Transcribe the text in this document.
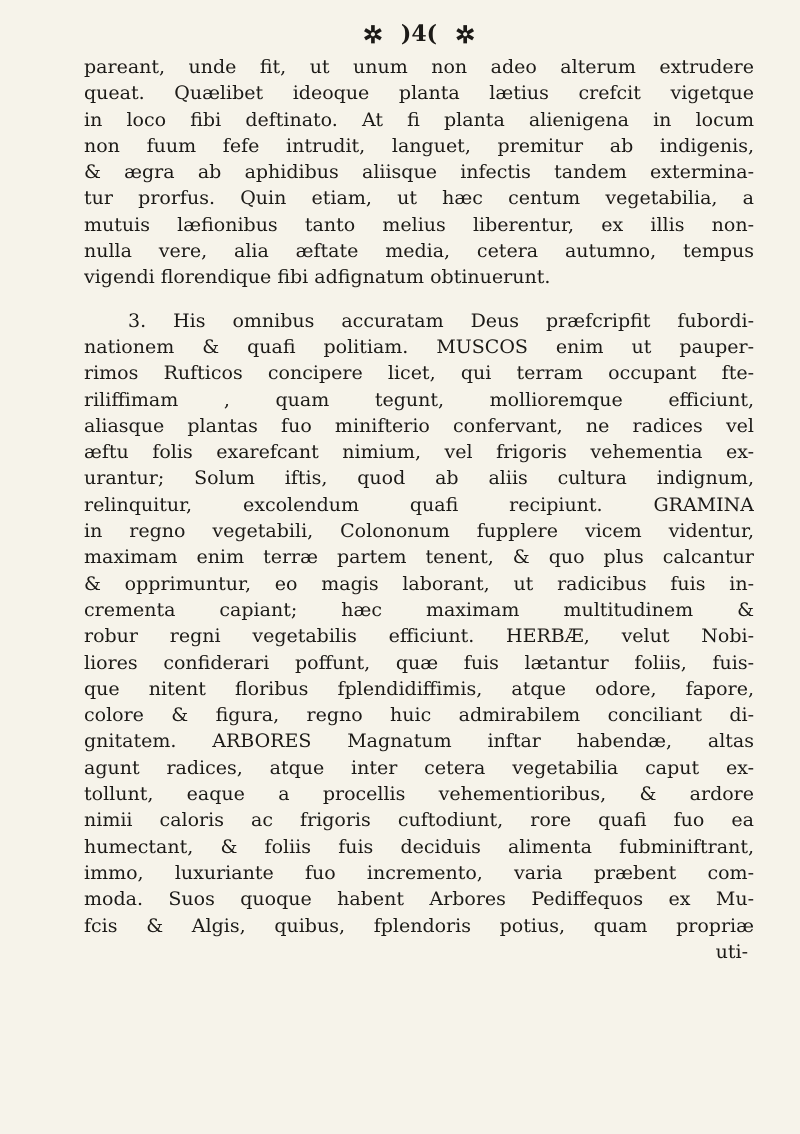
✲ )4( ✲
pareant, unde fit, ut unum non adeo alterum extrudere
queat. Quælibet ideoque planta lætius crefcit vigetque
in loco fibi deftinato. At fi planta alienigena in locum
non fuum fefe intrudit, languet, premitur ab indigenis,
& ægra ab aphidibus aliisque infectis tandem extermina-
tur prorfus. Quin etiam, ut hæc centum vegetabilia, a
mutuis læfionibus tanto melius liberentur, ex illis non-
nulla vere, alia æftate media, cetera autumno, tempus
vigendi florendique fibi adfignatum obtinuerunt.
3. His omnibus accuratam Deus præfcripfit fubordi-
nationem & quafi politiam. MUSCOS enim ut pauper-
rimos Rufticos concipere licet, qui terram occupant fte-
riliffimam , quam tegunt, mollioremque efficiunt,
aliasque plantas fuo minifterio confervant, ne radices vel
æftu folis exarefcant nimium, vel frigoris vehementia ex-
urantur; Solum iftis, quod ab aliis cultura indignum,
relinquitur, excolendum quafi recipiunt. GRAMINA
in regno vegetabili, Colononum fupplere vicem videntur,
maximam enim terræ partem tenent, & quo plus calcantur
& opprimuntur, eo magis laborant, ut radicibus fuis in-
crementa capiant; hæc maximam multitudinem &
robur regni vegetabilis efficiunt. HERBÆ, velut Nobi-
liores confiderari poffunt, quæ fuis lætantur foliis, fuis-
que nitent floribus fplendidiffimis, atque odore, fapore,
colore & figura, regno huic admirabilem conciliant di-
gnitatem. ARBORES Magnatum inftar habendæ, altas
agunt radices, atque inter cetera vegetabilia caput ex-
tollunt, eaque a procellis vehementioribus, & ardore
nimii caloris ac frigoris cuftodiunt, rore quafi fuo ea
humectant, & foliis fuis deciduis alimenta fubminiftrant,
immo, luxuriante fuo incremento, varia præbent com-
moda. Suos quoque habent Arbores Pediffequos ex Mu-
fcis & Algis, quibus, fplendoris potius, quam propriæ
uti-
